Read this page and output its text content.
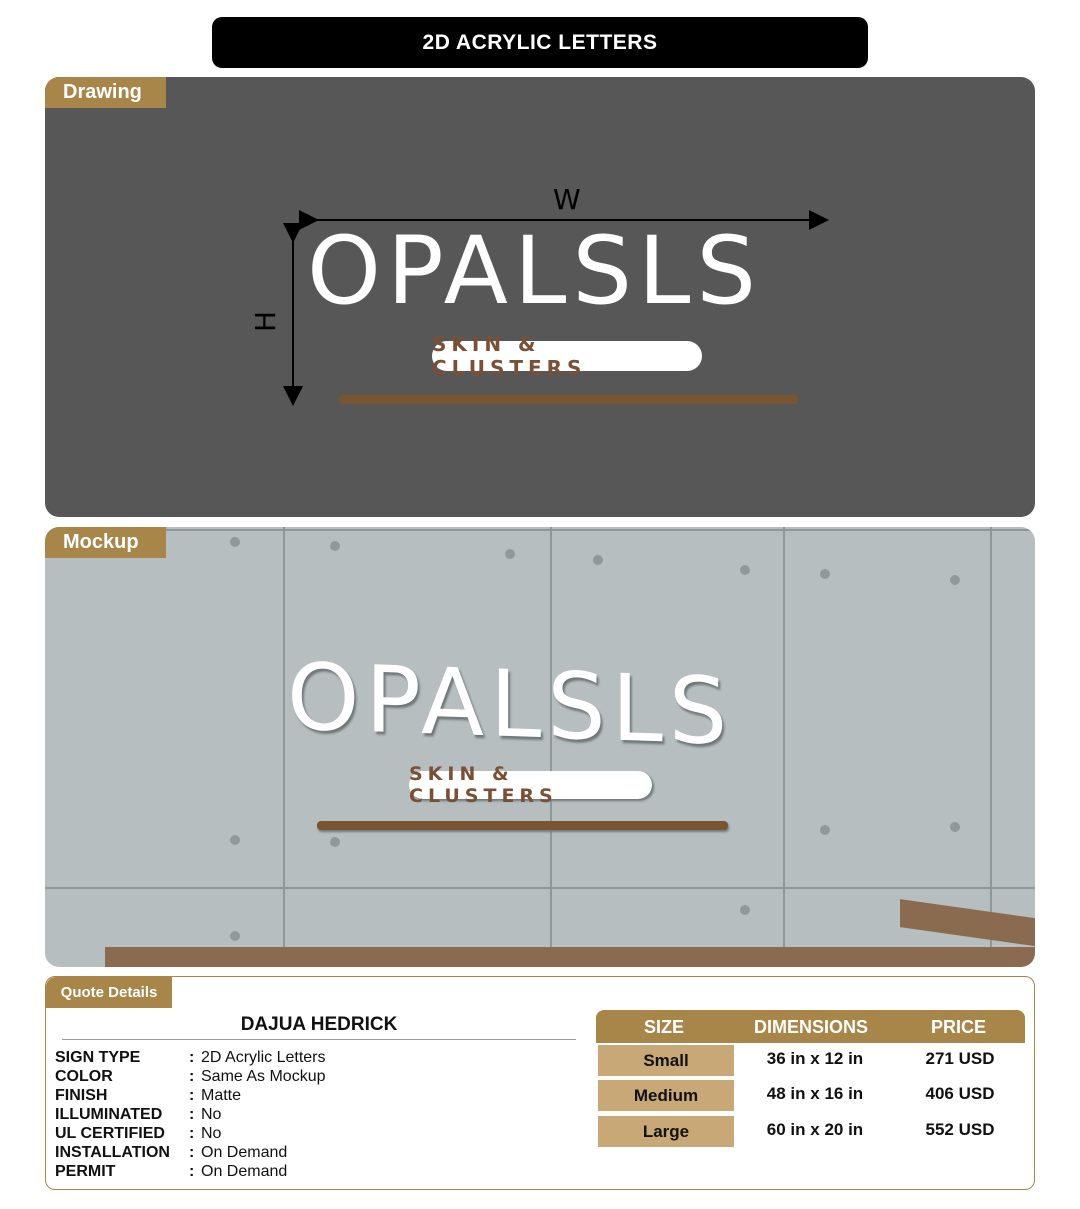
2D ACRYLIC LETTERS
Drawing
W
H OPALSLS
SKIN & CLUSTERS
Mockup
OPALSLS
SKIN & CLUSTERS
Quote Details
DAJUA HEDRICK
SIGN TYPE	: 2D Acrylic Letters
COLOR	: Same As Mockup
FINISH	: Matte
ILLUMINATED	: No
UL CERTIFIED	: No
INSTALLATION	: On Demand
PERMIT	: On Demand
SIZE	DIMENSIONS	PRICE
Small	36 in x 12 in	271 USD
Medium	48 in x 16 in	406 USD
Large	60 in x 20 in	552 USD
